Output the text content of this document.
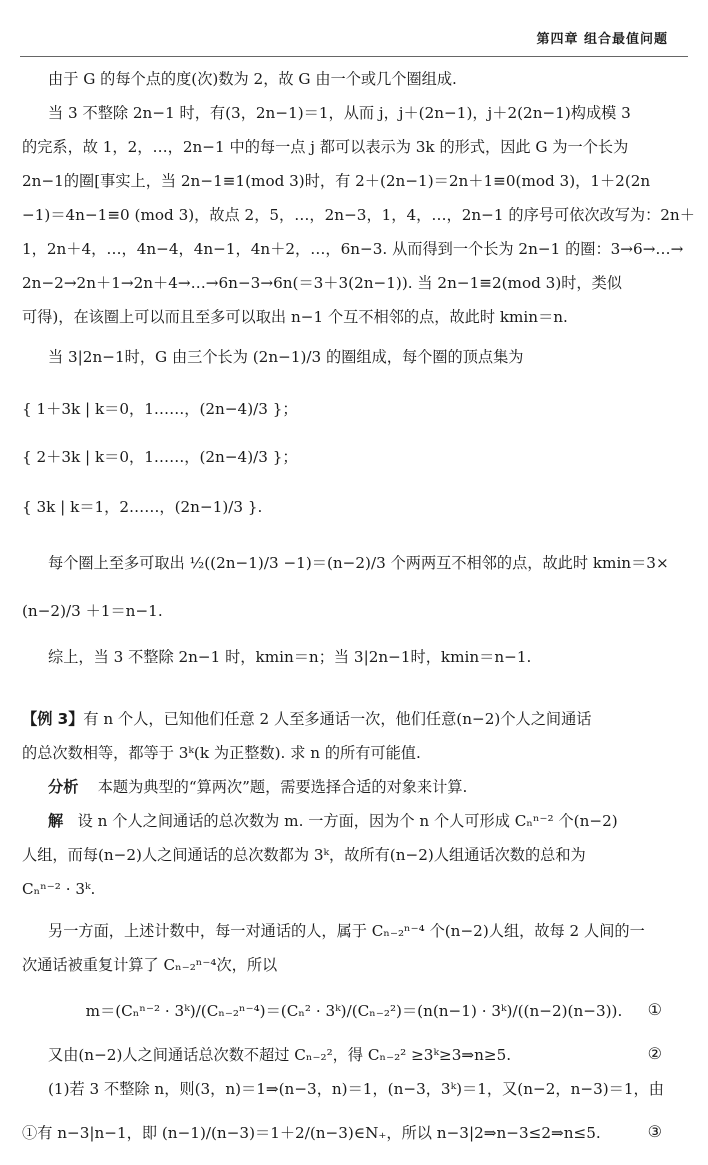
第四章 组合最值问题
由于 G 的每个点的度(次)数为 2，故 G 由一个或几个圈组成.
当 3 不整除 2n−1 时，有(3，2n−1)＝1，从而 j，j＋(2n−1)，j＋2(2n−1)构成模 3
的完系，故 1，2，…，2n−1 中的每一点 j 都可以表示为 3k 的形式，因此 G 为一个长为
2n−1的圈[事实上，当 2n−1≡1(mod 3)时，有 2＋(2n−1)＝2n＋1≡0(mod 3)，1＋2(2n
−1)＝4n−1≡0 (mod 3)，故点 2，5，…，2n−3，1，4，…，2n−1 的序号可依次改写为：2n＋
1，2n＋4，…，4n−4，4n−1，4n＋2，…，6n−3. 从而得到一个长为 2n−1 的圈：3→6→…→
2n−2→2n＋1→2n＋4→…→6n−3→6n(＝3＋3(2n−1)). 当 2n−1≡2(mod 3)时，类似
可得)，在该圈上可以而且至多可以取出 n−1 个互不相邻的点，故此时 kmin＝n.
当 3|2n−1时，G 由三个长为 (2n−1)/3 的圈组成，每个圈的顶点集为
{ 1＋3k | k＝0，1……，(2n−4)/3 }；
{ 2＋3k | k＝0，1……，(2n−4)/3 }；
{ 3k | k＝1，2……，(2n−1)/3 }.
每个圈上至多可取出 ½((2n−1)/3 −1)＝(n−2)/3 个两两互不相邻的点，故此时 kmin＝3×
(n−2)/3 ＋1＝n−1.
综上，当 3 不整除 2n−1 时，kmin＝n；当 3|2n−1时，kmin＝n−1.
【例 3】有 n 个人，已知他们任意 2 人至多通话一次，他们任意(n−2)个人之间通话
的总次数相等，都等于 3ᵏ(k 为正整数). 求 n 的所有可能值.
分析 本题为典型的“算两次”题，需要选择合适的对象来计算.
解 设 n 个人之间通话的总次数为 m. 一方面，因为个 n 个人可形成 Cₙⁿ⁻² 个(n−2)
人组，而每(n−2)人之间通话的总次数都为 3ᵏ，故所有(n−2)人组通话次数的总和为
Cₙⁿ⁻² · 3ᵏ.
另一方面，上述计数中，每一对通话的人，属于 Cₙ₋₂ⁿ⁻⁴ 个(n−2)人组，故每 2 人间的一
次通话被重复计算了 Cₙ₋₂ⁿ⁻⁴次，所以
m＝(Cₙⁿ⁻² · 3ᵏ)/(Cₙ₋₂ⁿ⁻⁴)＝(Cₙ² · 3ᵏ)/(Cₙ₋₂²)＝(n(n−1) · 3ᵏ)/((n−2)(n−3)).	①
又由(n−2)人之间通话总次数不超过 Cₙ₋₂²，得 Cₙ₋₂² ≥3ᵏ≥3⇒n≥5.	②
(1)若 3 不整除 n，则(3，n)＝1⇒(n−3，n)＝1，(n−3，3ᵏ)＝1，又(n−2，n−3)＝1，由
①有 n−3|n−1，即 (n−1)/(n−3)＝1＋2/(n−3)∈N₊，所以 n−3|2⇒n−3≤2⇒n≤5.	③
